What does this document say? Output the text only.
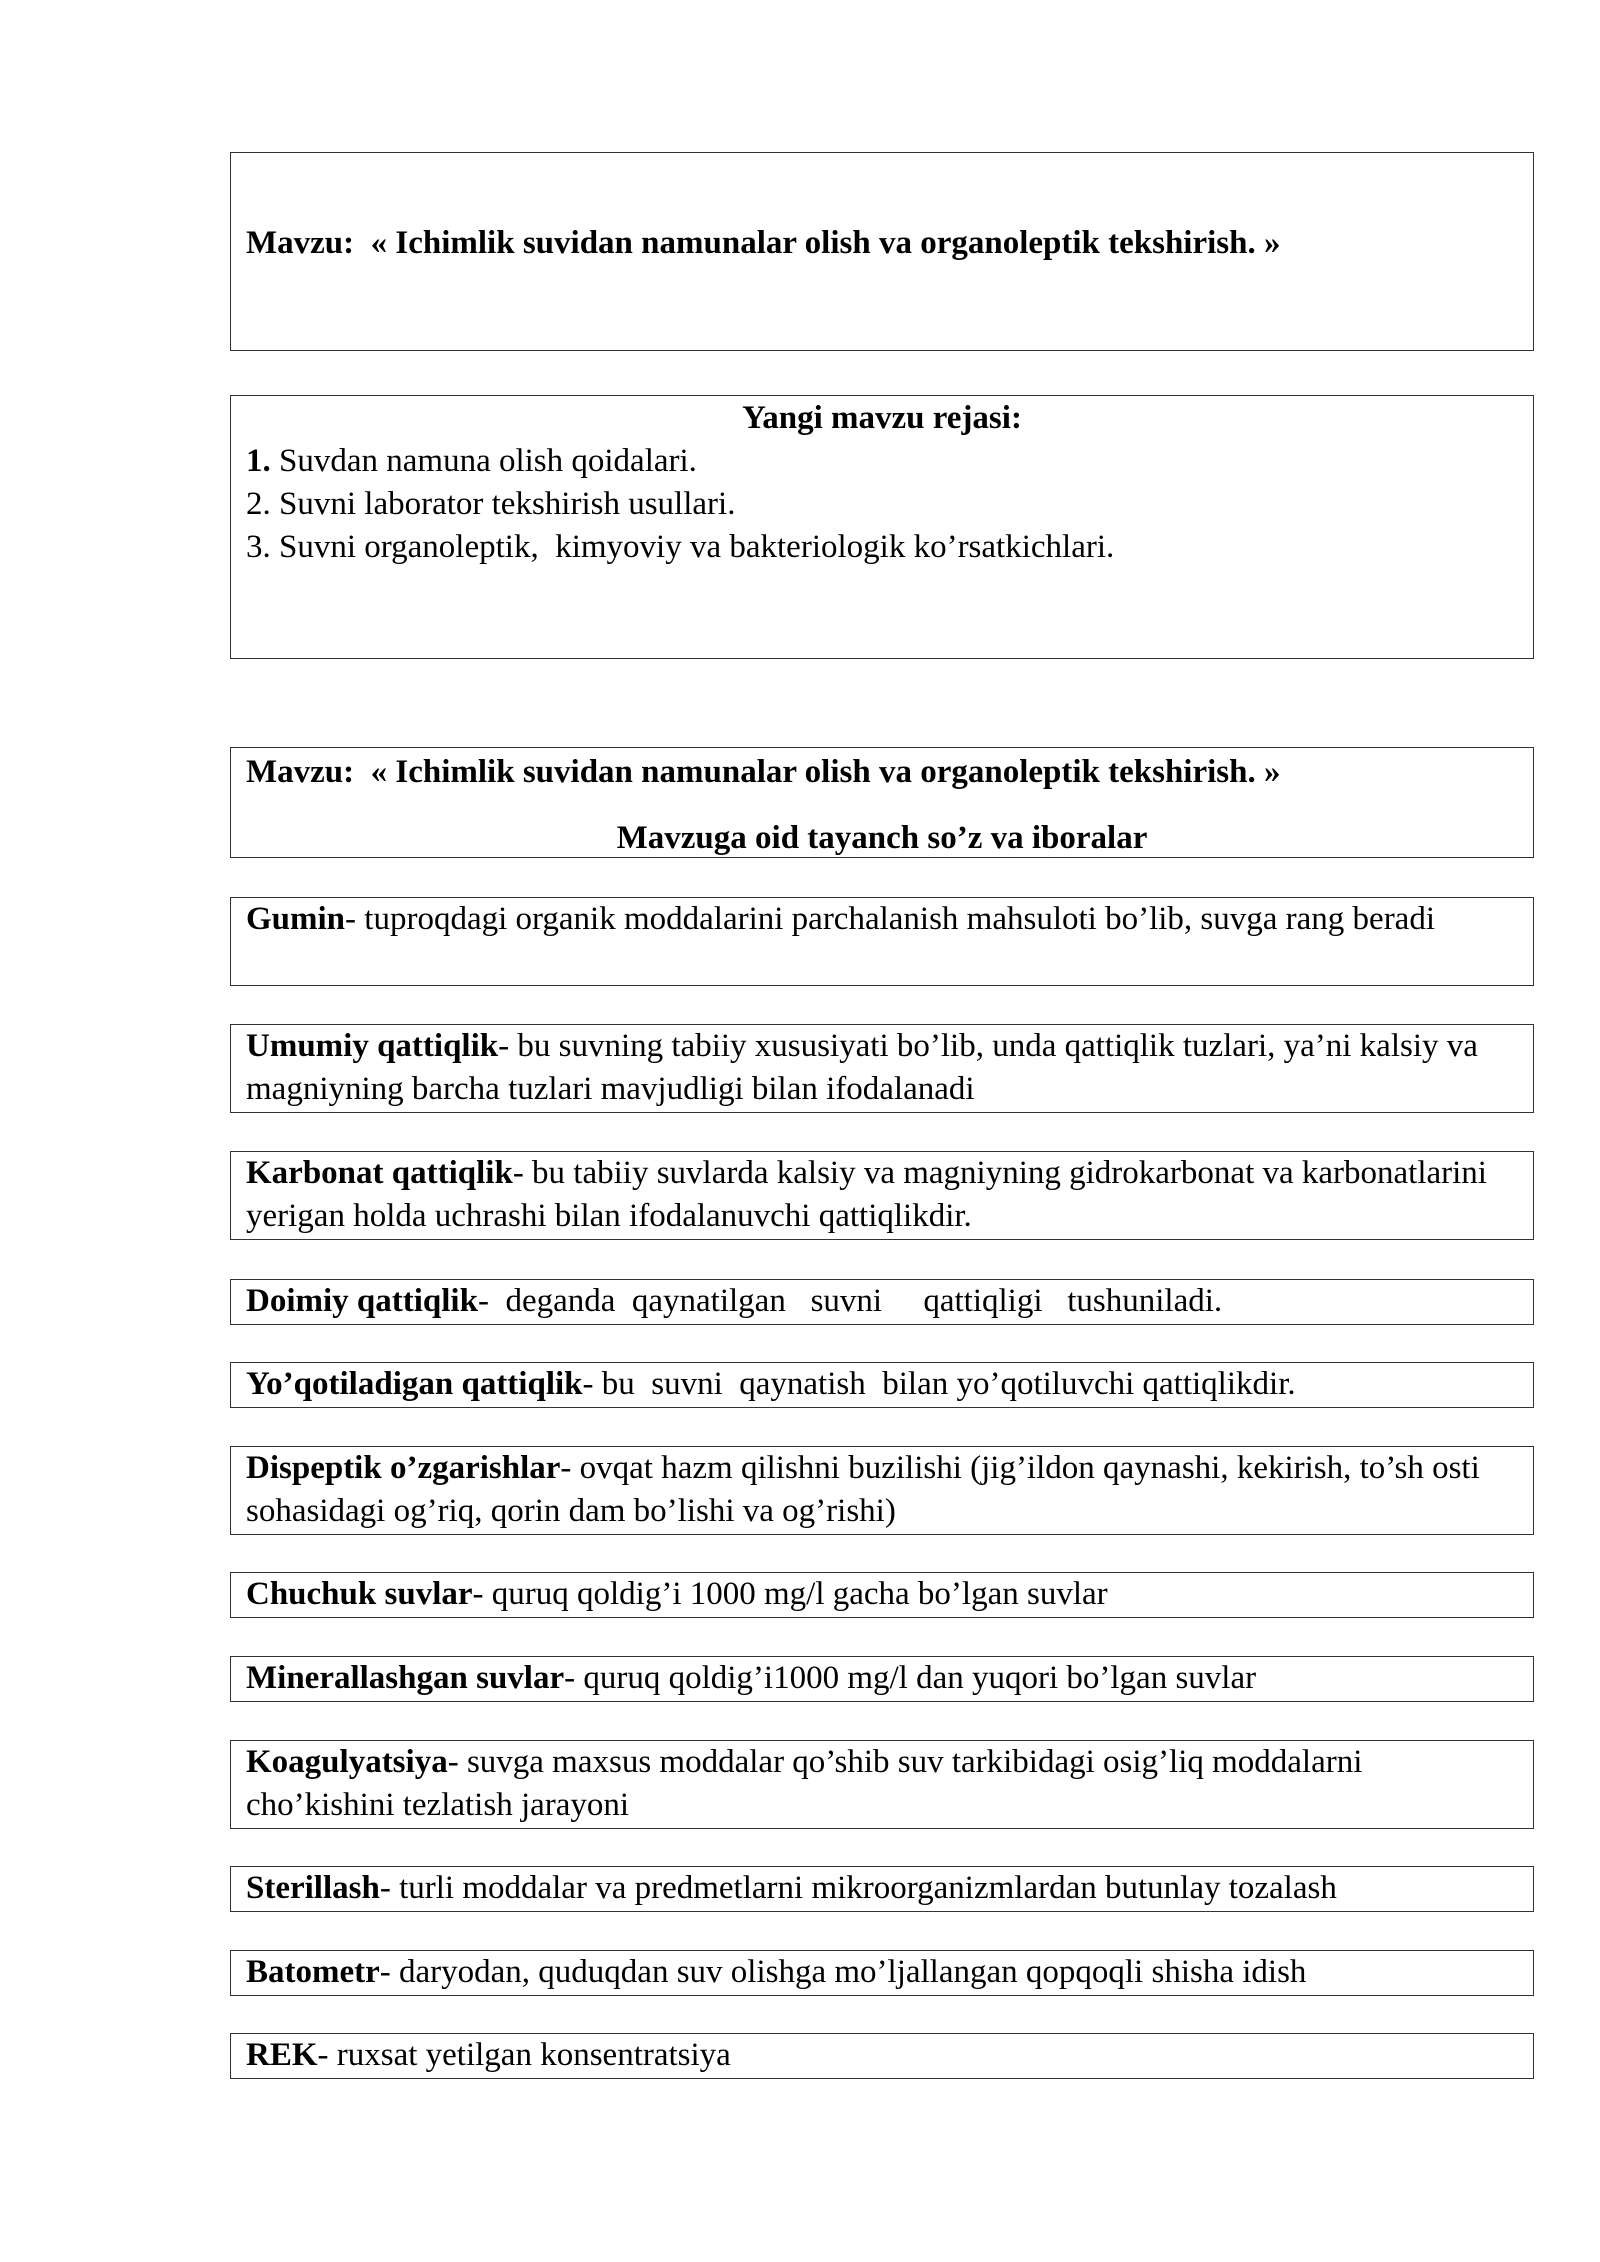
Mavzu:  « Ichimlik suvidan namunalar olish va organoleptik tekshirish. »
Yangi mavzu rejasi:
1. Suvdan namuna olish qoidalari.
2. Suvni laborator tekshirish usullari.
3. Suvni organoleptik,  kimyoviy va bakteriologik ko’rsatkichlari.
Mavzu:  « Ichimlik suvidan namunalar olish va organoleptik tekshirish. »
Mavzuga oid tayanch so’z va iboralar
Gumin- tuproqdagi organik moddalarini parchalanish mahsuloti bo’lib, suvga rang beradi
Umumiy qattiqlik- bu suvning tabiiy xususiyati bo’lib, unda qattiqlik tuzlari, ya’ni kalsiy va magniyning barcha tuzlari mavjudligi bilan ifodalanadi
Karbonat qattiqlik- bu tabiiy suvlarda kalsiy va magniyning gidrokarbonat va karbonatlarini yerigan holda uchrashi bilan ifodalanuvchi qattiqlikdir.
Doimiy qattiqlik-  deganda  qaynatilgan   suvni     qattiqligi   tushuniladi.
Yo’qotiladigan qattiqlik- bu  suvni  qaynatish  bilan yo’qotiluvchi qattiqlikdir.
Dispeptik o’zgarishlar- ovqat hazm qilishni buzilishi (jig’ildon qaynashi, kekirish, to’sh osti sohasidagi og’riq, qorin dam bo’lishi va og’rishi)
Chuchuk suvlar- quruq qoldig’i 1000 mg/l gacha bo’lgan suvlar
Minerallashgan suvlar- quruq qoldig’i1000 mg/l dan yuqori bo’lgan suvlar
Koagulyatsiya- suvga maxsus moddalar qo’shib suv tarkibidagi osig’liq moddalarni cho’kishini tezlatish jarayoni
Sterillash- turli moddalar va predmetlarni mikroorganizmlardan butunlay tozalash
Batometr- daryodan, quduqdan suv olishga mo’ljallangan qopqoqli shisha idish
REK- ruxsat yetilgan konsentratsiya
